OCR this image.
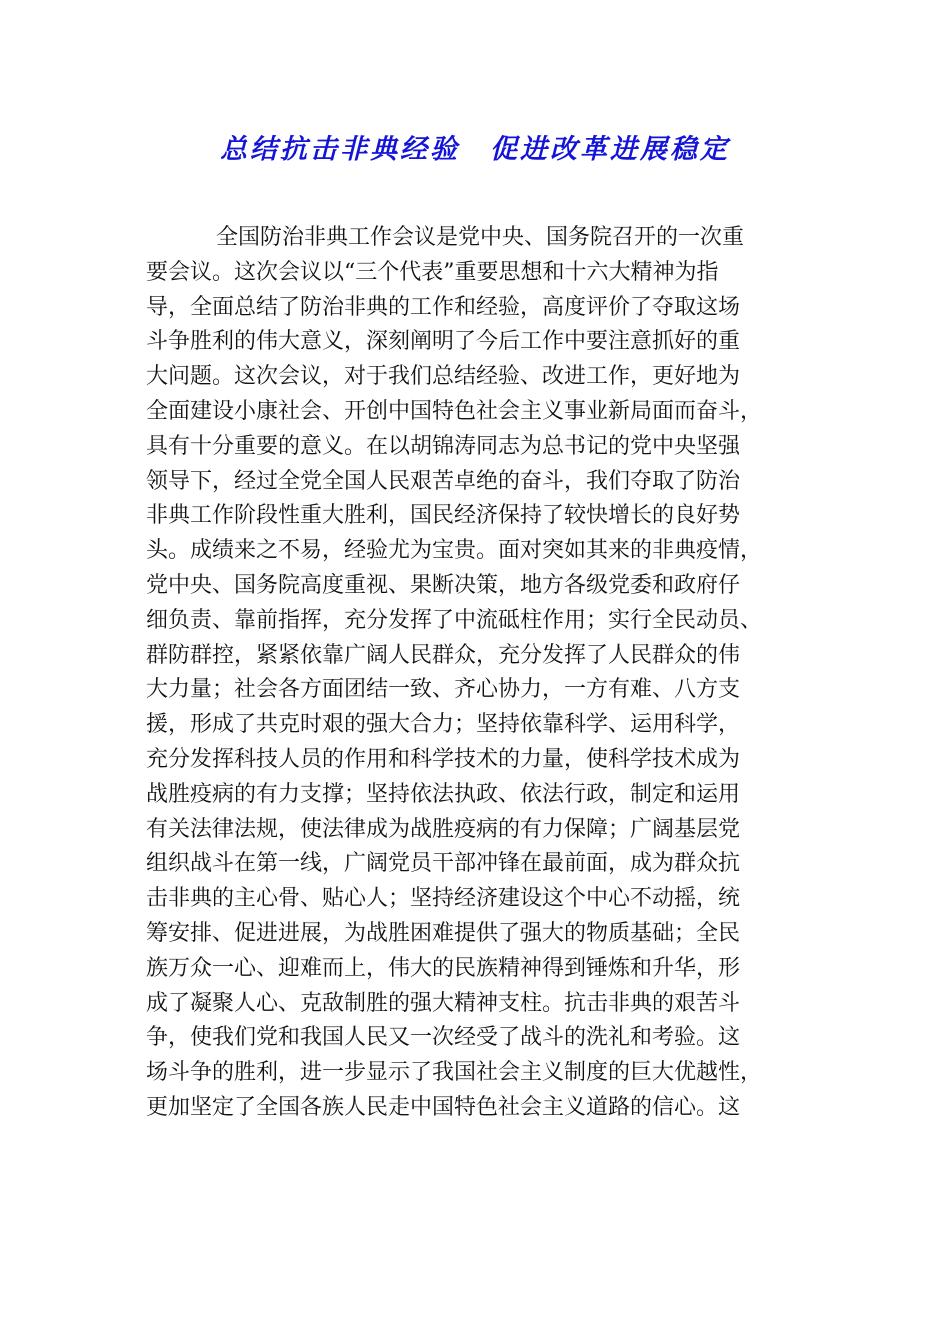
总结抗击非典经验　促进改革进展稳定
全国防治非典工作会议是党中央、国务院召开的一次重
要会议。这次会议以“三个代表”重要思想和十六大精神为指
导，全面总结了防治非典的工作和经验，高度评价了夺取这场
斗争胜利的伟大意义，深刻阐明了今后工作中要注意抓好的重
大问题。这次会议，对于我们总结经验、改进工作，更好地为
全面建设小康社会、开创中国特色社会主义事业新局面而奋斗，
具有十分重要的意义。在以胡锦涛同志为总书记的党中央坚强
领导下，经过全党全国人民艰苦卓绝的奋斗，我们夺取了防治
非典工作阶段性重大胜利，国民经济保持了较快增长的良好势
头。成绩来之不易，经验尤为宝贵。面对突如其来的非典疫情，
党中央、国务院高度重视、果断决策，地方各级党委和政府仔
细负责、靠前指挥，充分发挥了中流砥柱作用；实行全民动员、
群防群控，紧紧依靠广阔人民群众，充分发挥了人民群众的伟
大力量；社会各方面团结一致、齐心协力，一方有难、八方支
援，形成了共克时艰的强大合力；坚持依靠科学、运用科学，
充分发挥科技人员的作用和科学技术的力量，使科学技术成为
战胜疫病的有力支撑；坚持依法执政、依法行政，制定和运用
有关法律法规，使法律成为战胜疫病的有力保障；广阔基层党
组织战斗在第一线，广阔党员干部冲锋在最前面，成为群众抗
击非典的主心骨、贴心人；坚持经济建设这个中心不动摇，统
筹安排、促进进展，为战胜困难提供了强大的物质基础；全民
族万众一心、迎难而上，伟大的民族精神得到锤炼和升华，形
成了凝聚人心、克敌制胜的强大精神支柱。抗击非典的艰苦斗
争，使我们党和我国人民又一次经受了战斗的洗礼和考验。这
场斗争的胜利，进一步显示了我国社会主义制度的巨大优越性，
更加坚定了全国各族人民走中国特色社会主义道路的信心。这
